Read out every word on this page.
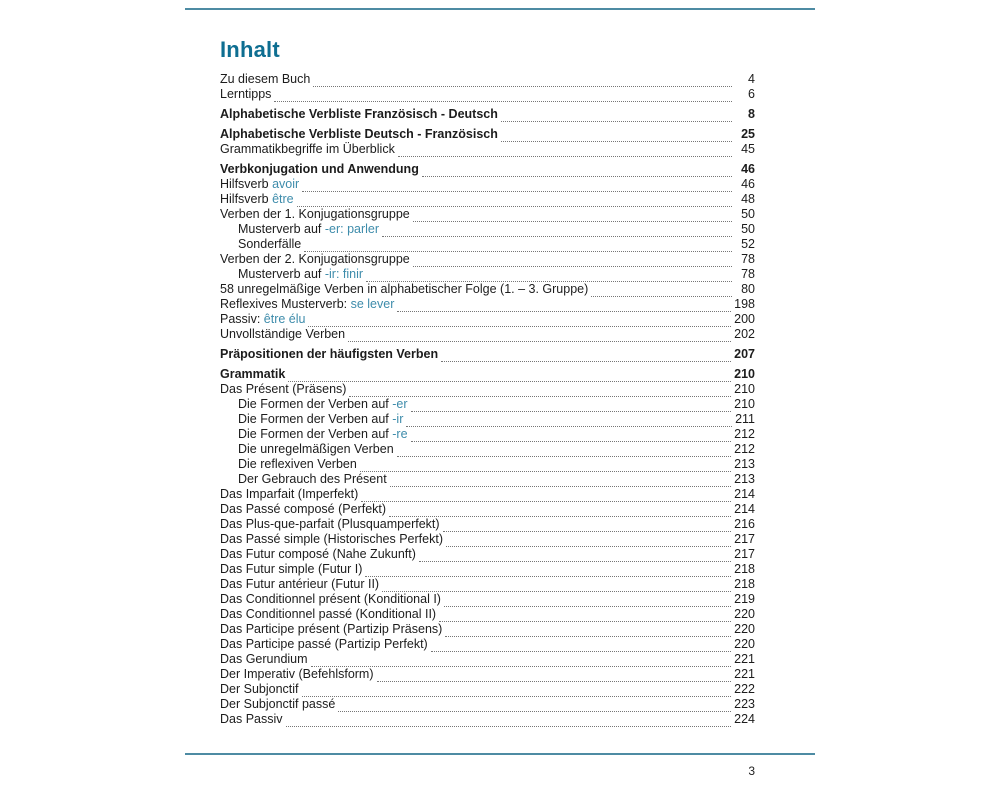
Inhalt
Zu diesem Buch	4
Lerntipps	6
Alphabetische Verbliste Französisch - Deutsch	8
Alphabetische Verbliste Deutsch - Französisch	25
Grammatikbegriffe im Überblick	45
Verbkonjugation und Anwendung	46
Hilfsverb avoir	46
Hilfsverb être	48
Verben der 1. Konjugationsgruppe	50
Musterverb auf -er: parler	50
Sonderfälle	52
Verben der 2. Konjugationsgruppe	78
Musterverb auf -ir: finir	78
58 unregelmäßige Verben in alphabetischer Folge (1. – 3. Gruppe)	80
Reflexives Musterverb: se lever	198
Passiv: être élu	200
Unvollständige Verben	202
Präpositionen der häufigsten Verben	207
Grammatik	210
Das Présent (Präsens)	210
Die Formen der Verben auf -er	210
Die Formen der Verben auf -ir	211
Die Formen der Verben auf -re	212
Die unregelmäßigen Verben	212
Die reflexiven Verben	213
Der Gebrauch des Présent	213
Das Imparfait (Imperfekt)	214
Das Passé composé (Perfekt)	214
Das Plus-que-parfait (Plusquamperfekt)	216
Das Passé simple (Historisches Perfekt)	217
Das Futur composé (Nahe Zukunft)	217
Das Futur simple (Futur I)	218
Das Futur antérieur (Futur II)	218
Das Conditionnel présent (Konditional I)	219
Das Conditionnel passé (Konditional II)	220
Das Participe présent (Partizip Präsens)	220
Das Participe passé (Partizip Perfekt)	220
Das Gerundium	221
Der Imperativ (Befehlsform)	221
Der Subjonctif	222
Der Subjonctif passé	223
Das Passiv	224
3
